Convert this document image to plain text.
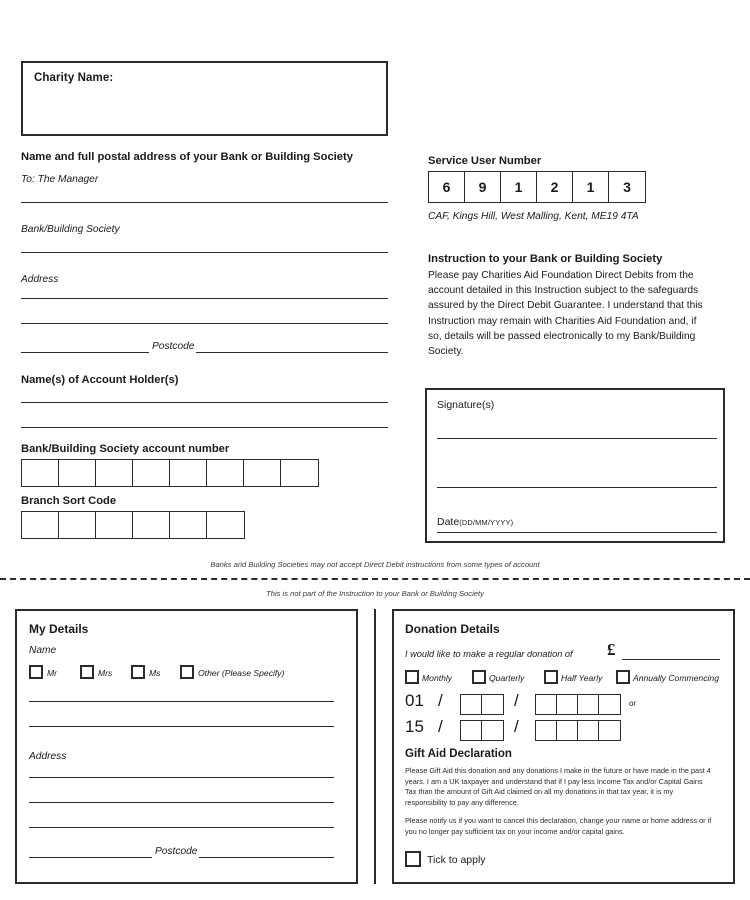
Charity Name:
Name and full postal address of your Bank or Building Society
To: The Manager
Bank/Building Society
Address
Postcode
Name(s) of Account Holder(s)
Bank/Building Society account number
Branch Sort Code
Service User Number
6	9	1	2	1	3
CAF, Kings Hill, West Malling, Kent, ME19 4TA
Instruction to your Bank or Building Society
Please pay Charities Aid Foundation Direct Debits from the account detailed in this Instruction subject to the safeguards assured by the Direct Debit Guarantee. I understand that this Instruction may remain with Charities Aid Foundation and, if so, details will be passed electronically to my Bank/Building Society.
Signature(s)
Date(DD/MM/YYYY)
Banks and Building Societies may not accept Direct Debit instructions from some types of account
This is not part of the Instruction to your Bank or Building Society
My Details
Name
Mr	Mrs	Ms	Other (Please Specify)
Address
Postcode
Donation Details
I would like to make a regular donation of £
Monthly	Quarterly	Half Yearly	Annually Commencing
01 /	/	or
15 /	/
Gift Aid Declaration
Please Gift Aid this donation and any donations I make in the future or have made in the past 4 years. I am a UK taxpayer and understand that if I pay less Income Tax and/or Capital Gains Tax than the amount of Gift Aid claimed on all my donations in that tax year, it is my responsibility to pay any difference.
Please notify us if you want to cancel this declaration, change your name or home address or if you no longer pay sufficient tax on your income and/or capital gains.
Tick to apply
